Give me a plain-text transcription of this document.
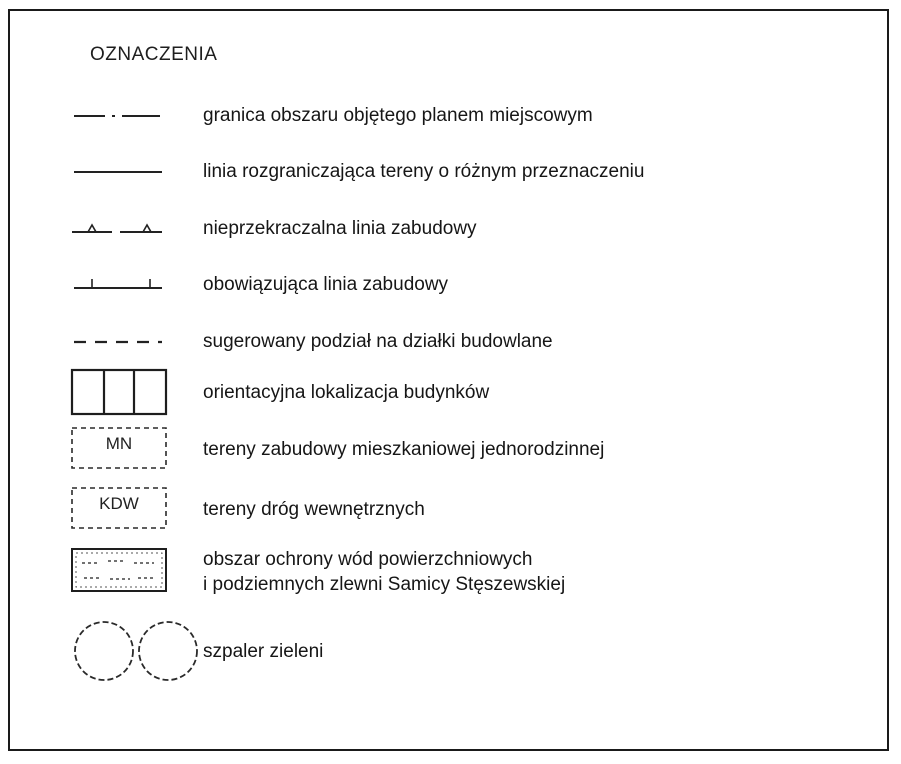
OZNACZENIA
granica obszaru objętego planem miejscowym
linia rozgraniczająca tereny o różnym przeznaczeniu
nieprzekraczalna linia zabudowy
obowiązująca linia zabudowy
sugerowany podział na działki budowlane
orientacyjna lokalizacja budynków
MN	tereny zabudowy mieszkaniowej jednorodzinnej
KDW	tereny dróg wewnętrznych
obszar ochrony wód powierzchniowych
i podziemnych zlewni Samicy Stęszewskiej
szpaler zieleni
